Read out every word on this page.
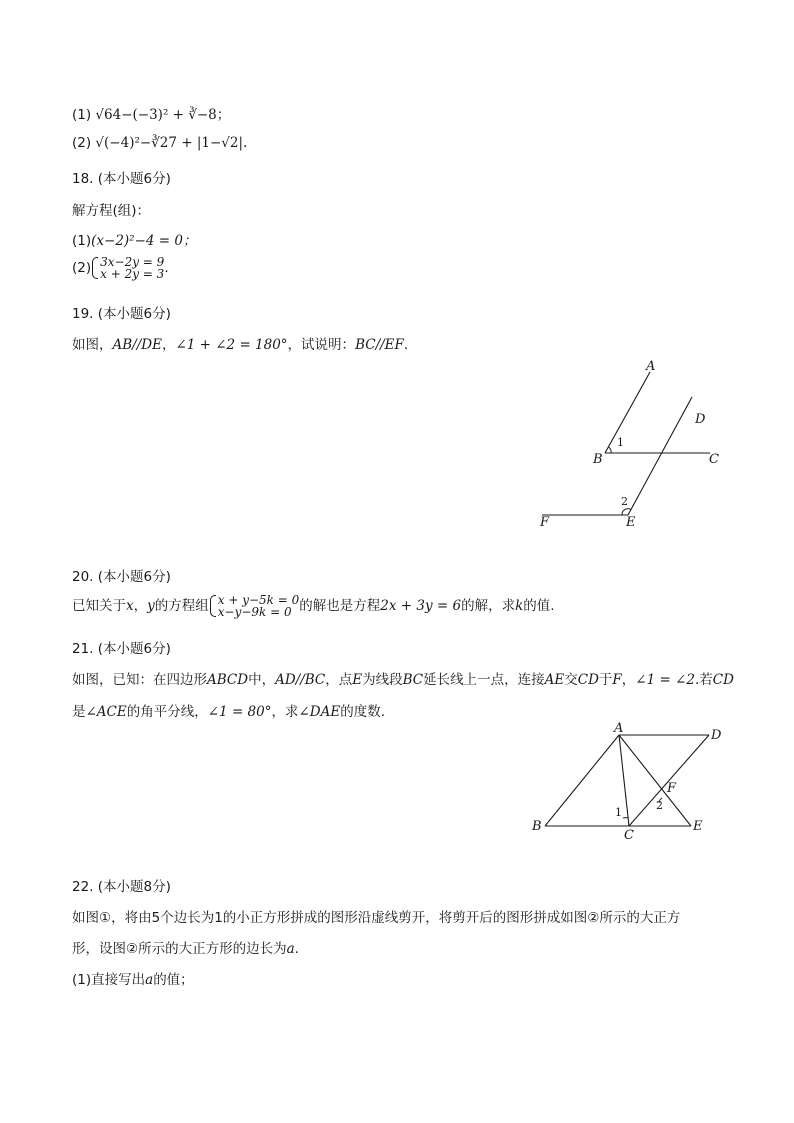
(1) √64−(−3)² + ∛−8；
(2) √(−4)²−∛27 + |1−√2|.
18. (本小题6分)
解方程(组)：
(1)(x−2)²−4 = 0；
(2) 3x−2y = 9
x + 2y = 3 .
19. (本小题6分)
如图，AB//DE，∠1 + ∠2 = 180°，试说明：BC//EF.
A
B	C
D
E
F
1
2
20. (本小题6分)
已知关于x，y的方程组 x + y−5k = 0
x−y−9k = 0 的解也是方程2x + 3y = 6的解，求k的值.
21. (本小题6分)
如图，已知：在四边形ABCD中，AD//BC，点E为线段BC延长线上一点，连接AE交CD于F，∠1 = ∠2.若CD
是∠ACE的角平分线，∠1 = 80°，求∠DAE的度数.
A
B
C
D
E
F
1
2
22. (本小题8分)
如图①，将由5个边长为1的小正方形拼成的图形沿虚线剪开，将剪开后的图形拼成如图②所示的大正方
形，设图②所示的大正方形的边长为a.
(1)直接写出a的值；
